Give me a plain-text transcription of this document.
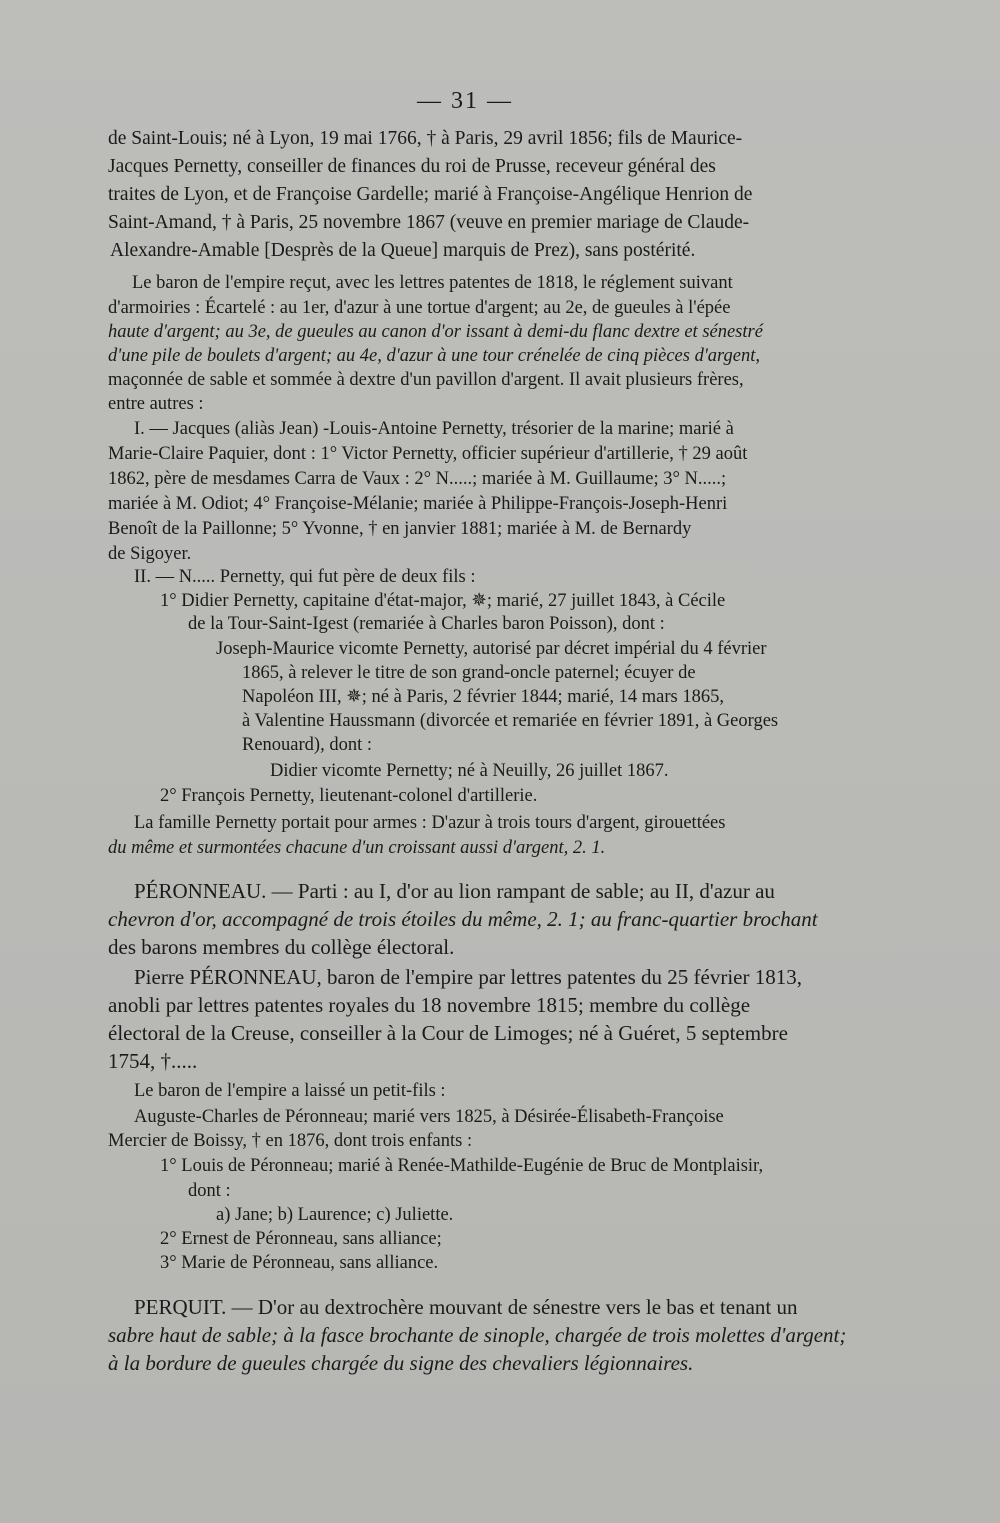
— 31 —
de Saint-Louis; né à Lyon, 19 mai 1766, † à Paris, 29 avril 1856; fils de Maurice-
Jacques Pernetty, conseiller de finances du roi de Prusse, receveur général des
traites de Lyon, et de Françoise Gardelle; marié à Françoise-Angélique Henrion de
Saint-Amand, † à Paris, 25 novembre 1867 (veuve en premier mariage de Claude-
Alexandre-Amable [Desprès de la Queue] marquis de Prez), sans postérité.
Le baron de l'empire reçut, avec les lettres patentes de 1818, le réglement suivant
d'armoiries : Écartelé : au 1er, d'azur à une tortue d'argent; au 2e, de gueules à l'épée
haute d'argent; au 3e, de gueules au canon d'or issant à demi-du flanc dextre et sénestré
d'une pile de boulets d'argent; au 4e, d'azur à une tour crénelée de cinq pièces d'argent,
maçonnée de sable et sommée à dextre d'un pavillon d'argent. Il avait plusieurs frères,
entre autres :
I. — Jacques (aliàs Jean) -Louis-Antoine Pernetty, trésorier de la marine; marié à
Marie-Claire Paquier, dont : 1° Victor Pernetty, officier supérieur d'artillerie, † 29 août
1862, père de mesdames Carra de Vaux : 2° N.....; mariée à M. Guillaume; 3° N.....;
mariée à M. Odiot; 4° Françoise-Mélanie; mariée à Philippe-François-Joseph-Henri
Benoît de la Paillonne; 5° Yvonne, † en janvier 1881; mariée à M. de Bernardy
de Sigoyer.
II. — N..... Pernetty, qui fut père de deux fils :
1° Didier Pernetty, capitaine d'état-major, ✵; marié, 27 juillet 1843, à Cécile
de la Tour-Saint-Igest (remariée à Charles baron Poisson), dont :
Joseph-Maurice vicomte Pernetty, autorisé par décret impérial du 4 février
1865, à relever le titre de son grand-oncle paternel; écuyer de
Napoléon III, ✵; né à Paris, 2 février 1844; marié, 14 mars 1865,
à Valentine Haussmann (divorcée et remariée en février 1891, à Georges
Renouard), dont :
Didier vicomte Pernetty; né à Neuilly, 26 juillet 1867.
2° François Pernetty, lieutenant-colonel d'artillerie.
La famille Pernetty portait pour armes : D'azur à trois tours d'argent, girouettées
du même et surmontées chacune d'un croissant aussi d'argent, 2. 1.
PÉRONNEAU. — Parti : au I, d'or au lion rampant de sable; au II, d'azur au
chevron d'or, accompagné de trois étoiles du même, 2. 1; au franc-quartier brochant
des barons membres du collège électoral.
Pierre PÉRONNEAU, baron de l'empire par lettres patentes du 25 février 1813,
anobli par lettres patentes royales du 18 novembre 1815; membre du collège
électoral de la Creuse, conseiller à la Cour de Limoges; né à Guéret, 5 septembre
1754, †.....
Le baron de l'empire a laissé un petit-fils :
Auguste-Charles de Péronneau; marié vers 1825, à Désirée-Élisabeth-Françoise
Mercier de Boissy, † en 1876, dont trois enfants :
1° Louis de Péronneau; marié à Renée-Mathilde-Eugénie de Bruc de Montplaisir,
dont :
a) Jane; b) Laurence; c) Juliette.
2° Ernest de Péronneau, sans alliance;
3° Marie de Péronneau, sans alliance.
PERQUIT. — D'or au dextrochère mouvant de sénestre vers le bas et tenant un
sabre haut de sable; à la fasce brochante de sinople, chargée de trois molettes d'argent;
à la bordure de gueules chargée du signe des chevaliers légionnaires.
